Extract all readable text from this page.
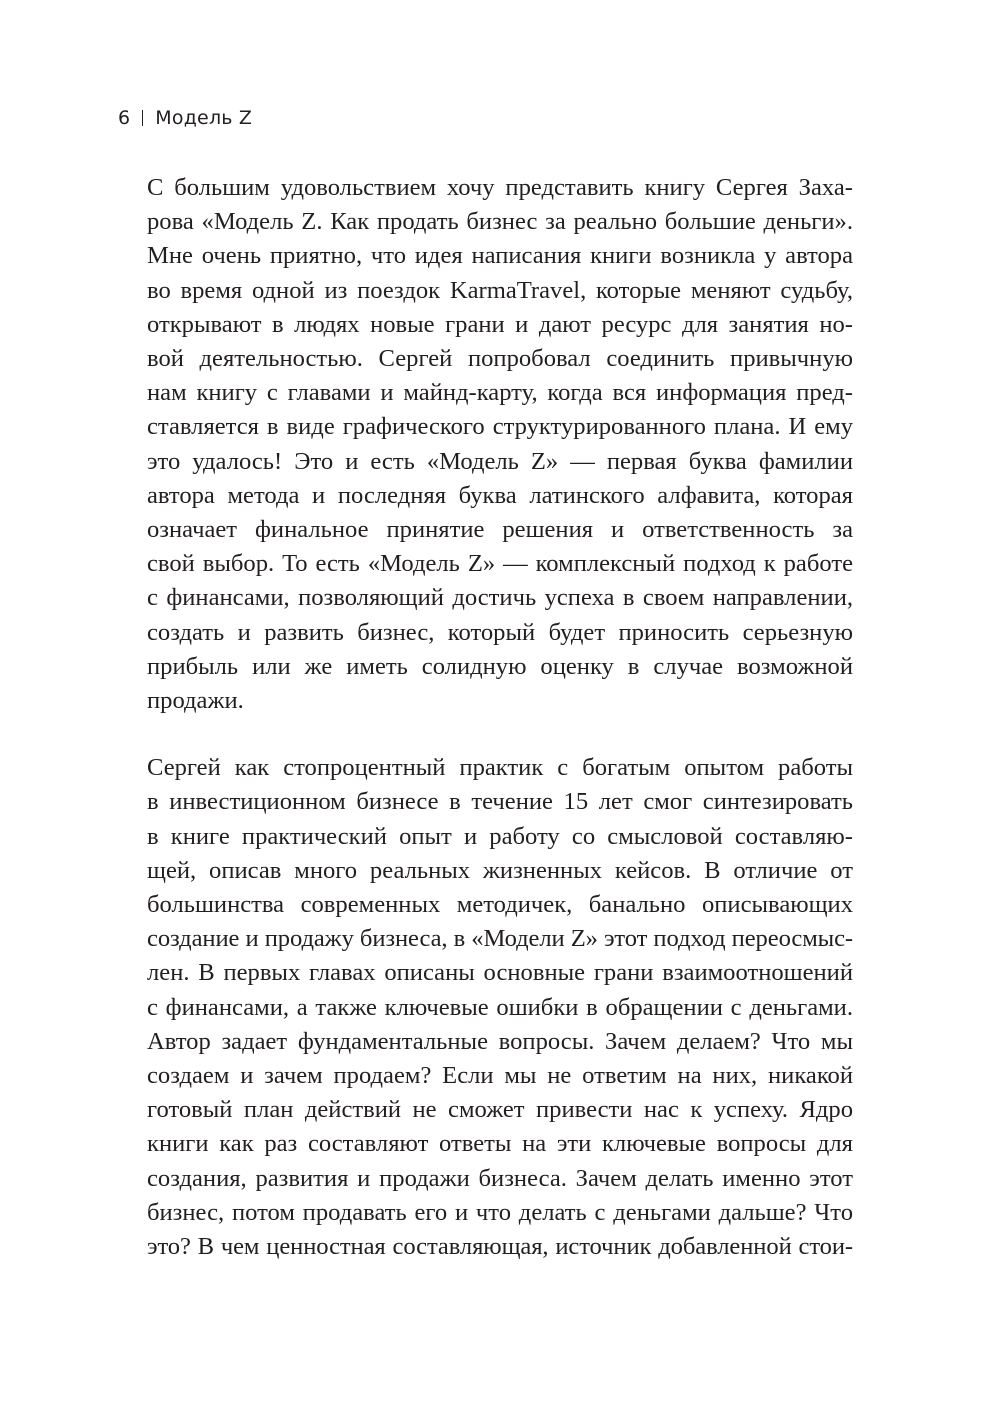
6 Модель Z
С большим удовольствием хочу представить книгу Сергея Заха-
рова «Модель Z. Как продать бизнес за реально большие деньги».
Мне очень приятно, что идея написания книги возникла у автора
во время одной из поездок KarmaTravel, которые меняют судьбу,
открывают в людях новые грани и дают ресурс для занятия но-
вой деятельностью. Сергей попробовал соединить привычную
нам книгу с главами и майнд-карту, когда вся информация пред-
ставляется в виде графического структурированного плана. И ему
это удалось! Это и есть «Модель Z» — первая буква фамилии
автора метода и последняя буква латинского алфавита, которая
означает финальное принятие решения и ответственность за
свой выбор. То есть «Модель Z» — комплексный подход к работе
с финансами, позволяющий достичь успеха в своем направлении,
создать и развить бизнес, который будет приносить серьезную
прибыль или же иметь солидную оценку в случае возможной
продажи.
Сергей как стопроцентный практик с богатым опытом работы
в инвестиционном бизнесе в течение 15 лет смог синтезировать
в книге практический опыт и работу со смысловой составляю-
щей, описав много реальных жизненных кейсов. В отличие от
большинства современных методичек, банально описывающих
создание и продажу бизнеса, в «Модели Z» этот подход переосмыс-
лен. В первых главах описаны основные грани взаимоотношений
с финансами, а также ключевые ошибки в обращении с деньгами.
Автор задает фундаментальные вопросы. Зачем делаем? Что мы
создаем и зачем продаем? Если мы не ответим на них, никакой
готовый план действий не сможет привести нас к успеху. Ядро
книги как раз составляют ответы на эти ключевые вопросы для
создания, развития и продажи бизнеса. Зачем делать именно этот
бизнес, потом продавать его и что делать с деньгами дальше? Что
это? В чем ценностная составляющая, источник добавленной стои-
